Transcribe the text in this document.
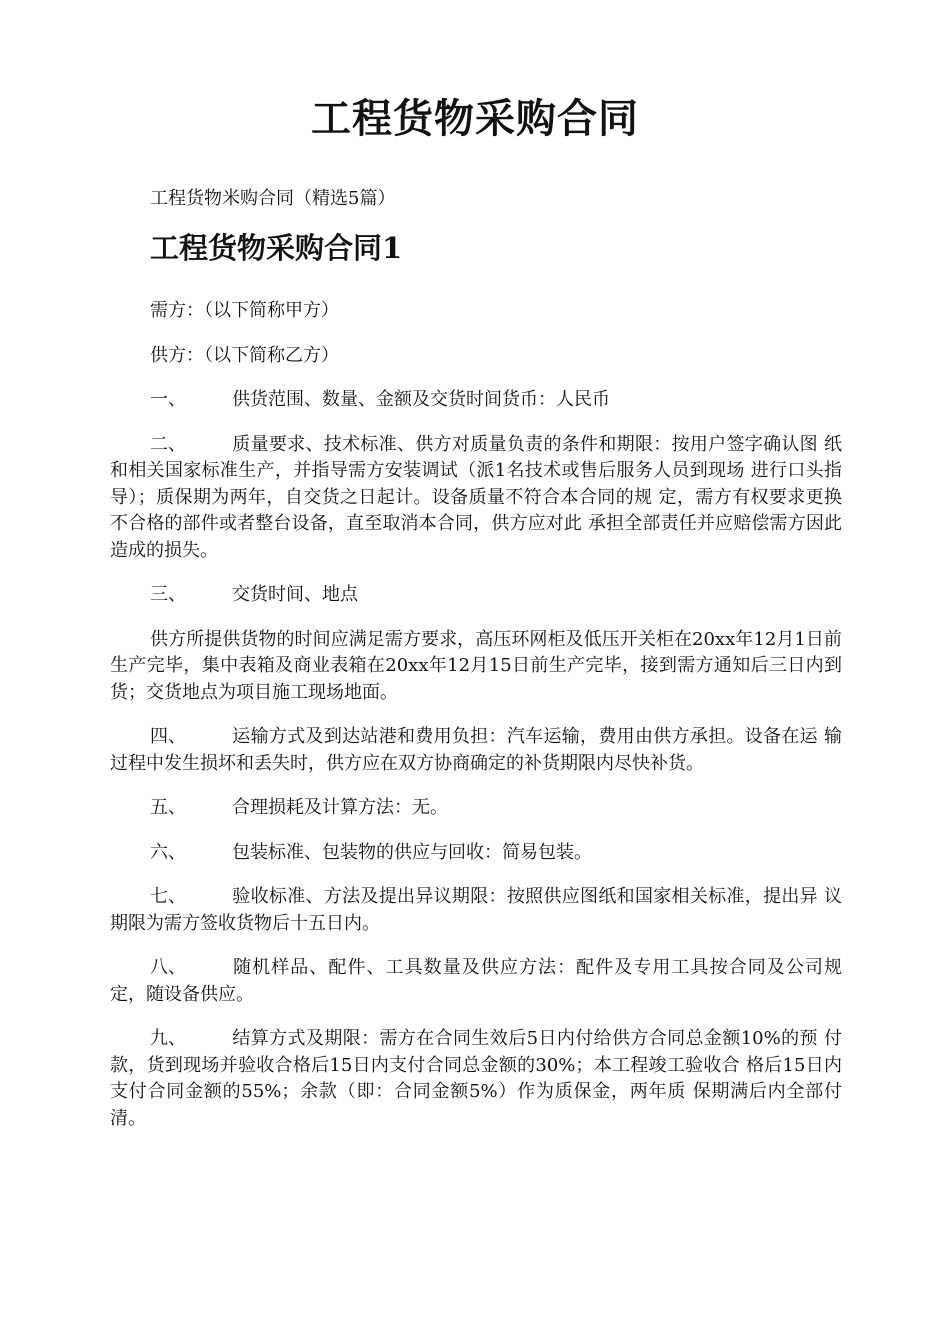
工程货物采购合同
工程货物米购合同（精选5篇）
工程货物采购合同1

需方：（以下简称甲方）

供方：（以下简称乙方）

一、	供货范围、数量、金额及交货时间货币：人民币

二、	质量要求、技术标准、供方对质量负责的条件和期限：按用户签字确认图 纸和相关国家标准生产，并指导需方安装调试（派1名技术或售后服务人员到现场 进行口头指导）；质保期为两年，自交货之日起计。设备质量不符合本合同的规 定，需方有权要求更换不合格的部件或者整台设备，直至取消本合同，供方应对此 承担全部责任并应赔偿需方因此造成的损失。

三、	交货时间、地点

供方所提供货物的时间应满足需方要求，高压环网柜及低压开关柜在20xx年12月1日前生产完毕，集中表箱及商业表箱在20xx年12月15日前生产完毕，接到需方通知后三日内到货；交货地点为项目施工现场地面。

四、	运输方式及到达站港和费用负担：汽车运输，费用由供方承担。设备在运 输过程中发生损坏和丢失时，供方应在双方协商确定的补货期限内尽快补货。

五、	合理损耗及计算方法：无。

六、	包装标准、包装物的供应与回收：简易包装。

七、	验收标准、方法及提出异议期限：按照供应图纸和国家相关标准，提出异 议期限为需方签收货物后十五日内。

八、	随机样品、配件、工具数量及供应方法：配件及专用工具按合同及公司规 定，随设备供应。

九、	结算方式及期限：需方在合同生效后5日内付给供方合同总金额10%的预 付款，货到现场并验收合格后15日内支付合同总金额的30%；本工程竣工验收合 格后15日内支付合同金额的55%；余款（即：合同金额5%）作为质保金，两年质 保期满后内全部付清。
